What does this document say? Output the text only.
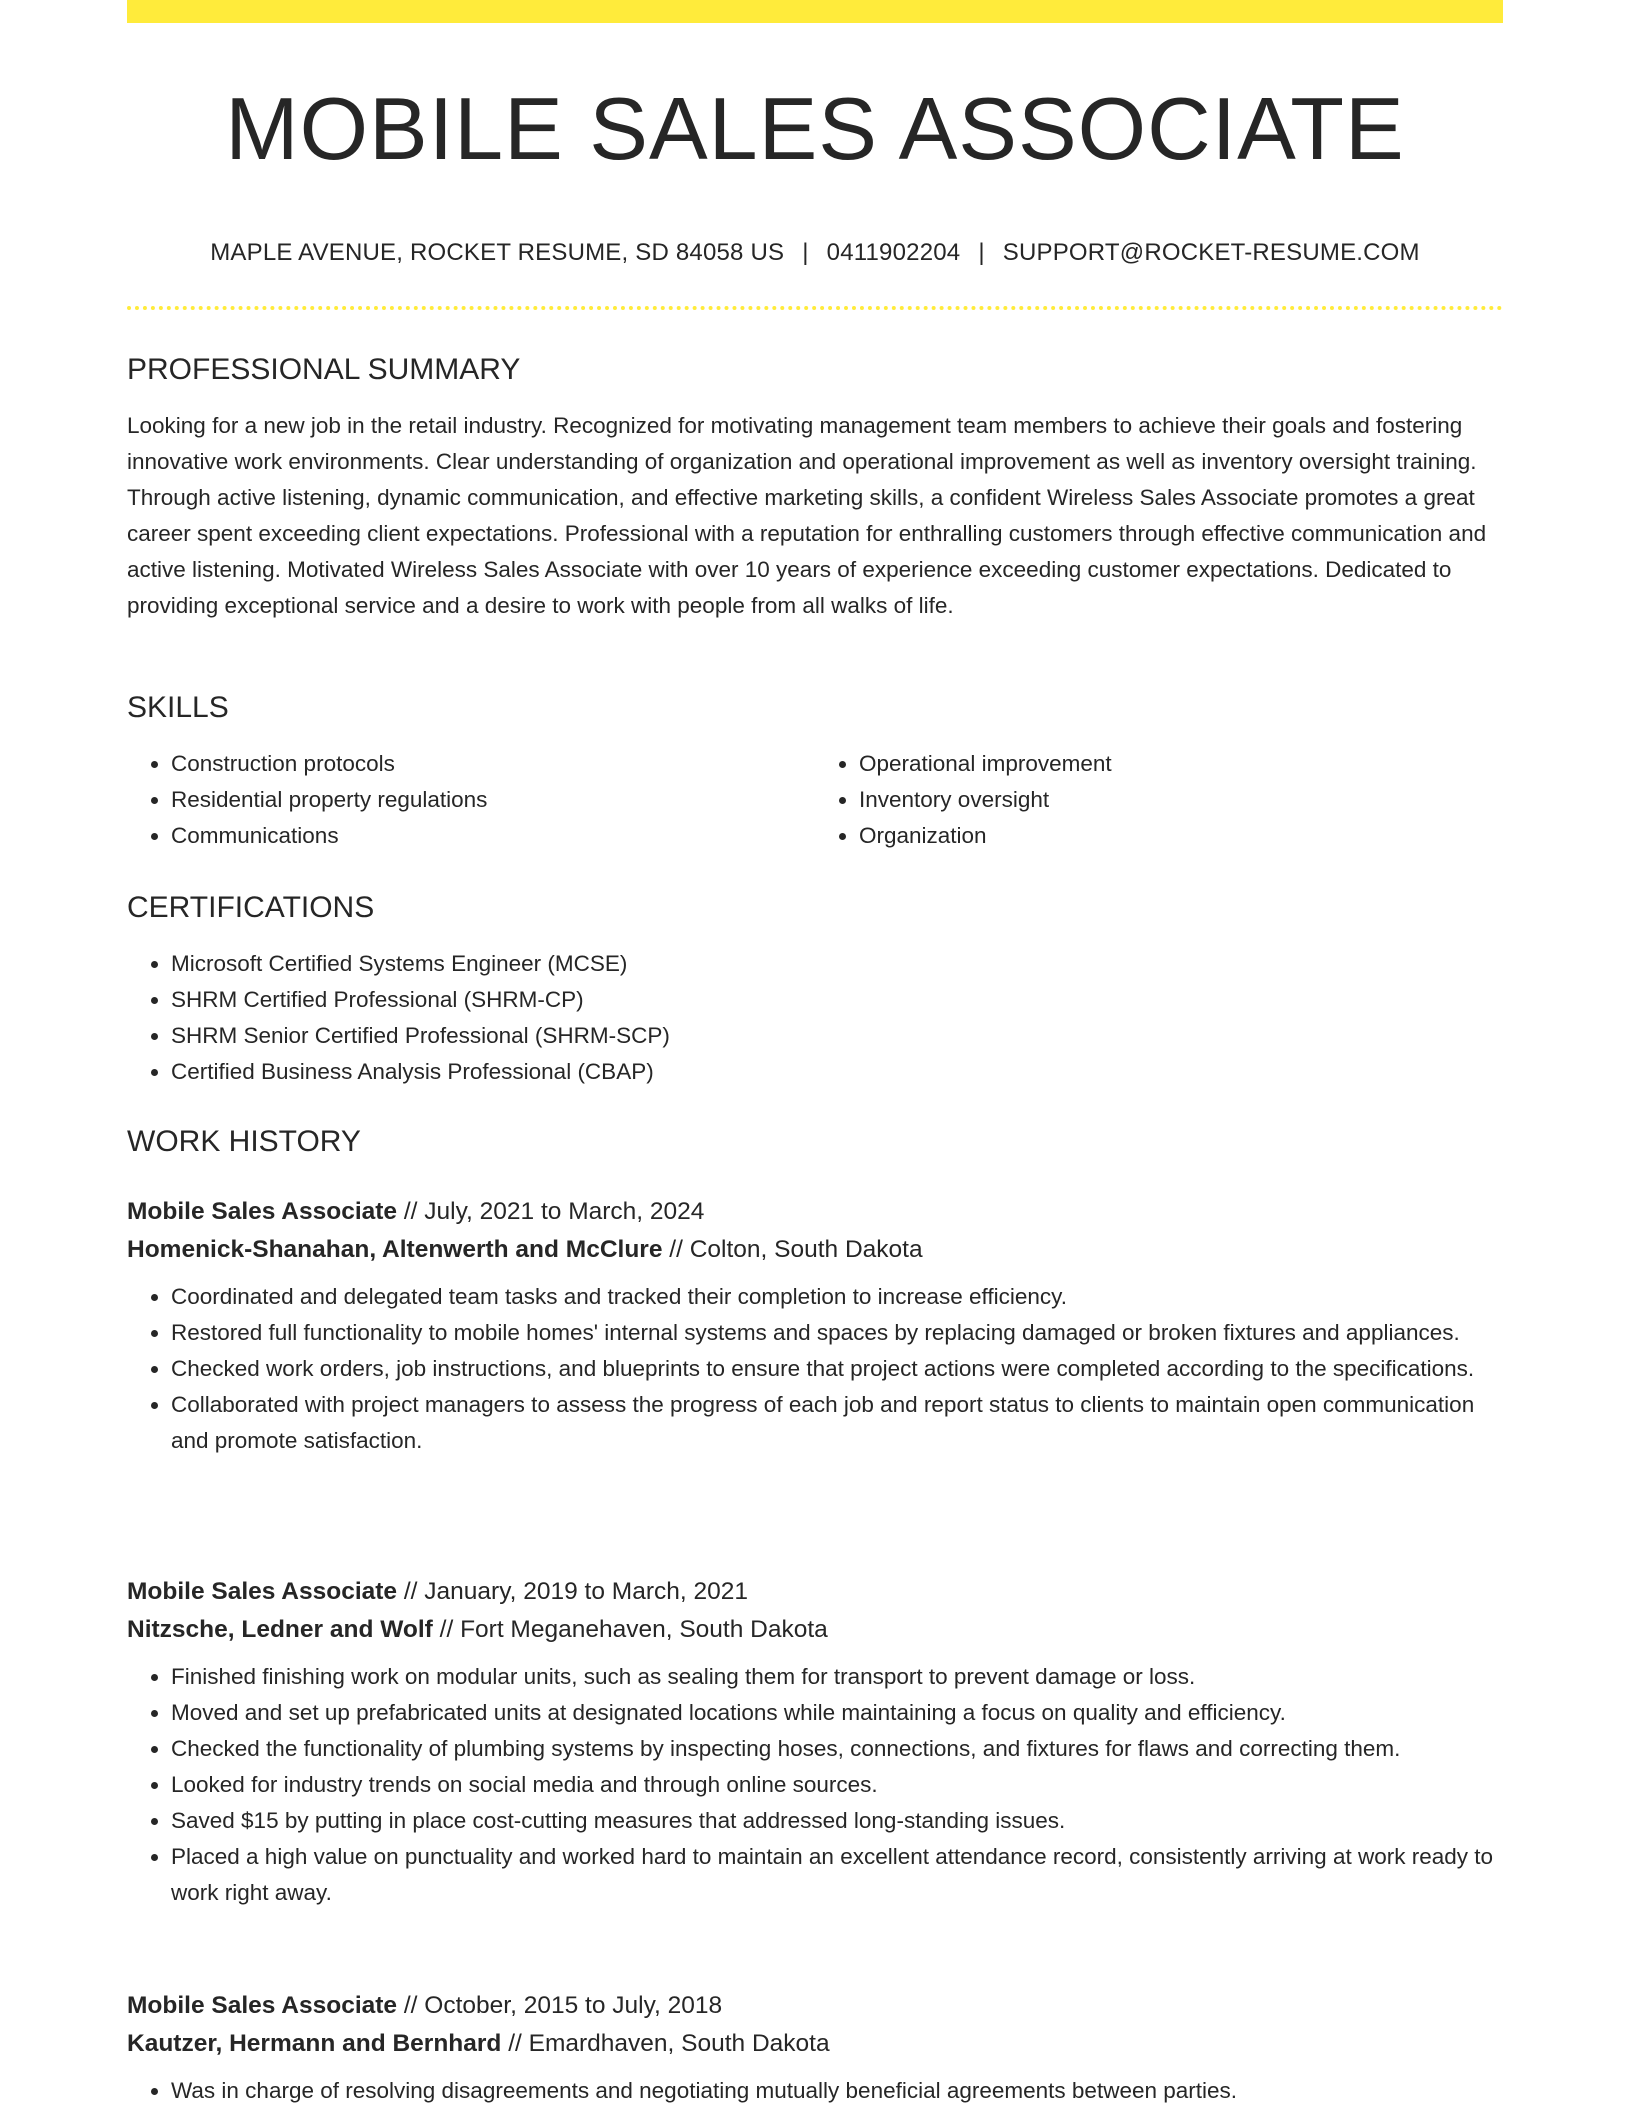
MOBILE SALES ASSOCIATE
MAPLE AVENUE, ROCKET RESUME, SD 84058 US | 0411902204 | SUPPORT@ROCKET-RESUME.COM
PROFESSIONAL SUMMARY

Looking for a new job in the retail industry. Recognized for motivating management team members to achieve their goals and fostering innovative work environments. Clear understanding of organization and operational improvement as well as inventory oversight training. Through active listening, dynamic communication, and effective marketing skills, a confident Wireless Sales Associate promotes a great career spent exceeding client expectations. Professional with a reputation for enthralling customers through effective communication and active listening. Motivated Wireless Sales Associate with over 10 years of experience exceeding customer expectations. Dedicated to providing exceptional service and a desire to work with people from all walks of life.

SKILLS
• Construction protocols
• Residential property regulations
• Communications
• Operational improvement
• Inventory oversight
• Organization
CERTIFICATIONS
• Microsoft Certified Systems Engineer (MCSE)
• SHRM Certified Professional (SHRM-CP)
• SHRM Senior Certified Professional (SHRM-SCP)
• Certified Business Analysis Professional (CBAP)
WORK HISTORY
Mobile Sales Associate // July, 2021 to March, 2024
Homenick-Shanahan, Altenwerth and McClure // Colton, South Dakota
• Coordinated and delegated team tasks and tracked their completion to increase efficiency.
• Restored full functionality to mobile homes' internal systems and spaces by replacing damaged or broken fixtures and appliances.
• Checked work orders, job instructions, and blueprints to ensure that project actions were completed according to the specifications.
• Collaborated with project managers to assess the progress of each job and report status to clients to maintain open communication and promote satisfaction.
Mobile Sales Associate // January, 2019 to March, 2021
Nitzsche, Ledner and Wolf // Fort Meganehaven, South Dakota
• Finished finishing work on modular units, such as sealing them for transport to prevent damage or loss.
• Moved and set up prefabricated units at designated locations while maintaining a focus on quality and efficiency.
• Checked the functionality of plumbing systems by inspecting hoses, connections, and fixtures for flaws and correcting them.
• Looked for industry trends on social media and through online sources.
• Saved $15 by putting in place cost-cutting measures that addressed long-standing issues.
• Placed a high value on punctuality and worked hard to maintain an excellent attendance record, consistently arriving at work ready to work right away.
Mobile Sales Associate // October, 2015 to July, 2018
Kautzer, Hermann and Bernhard // Emardhaven, South Dakota
• Was in charge of resolving disagreements and negotiating mutually beneficial agreements between parties.
